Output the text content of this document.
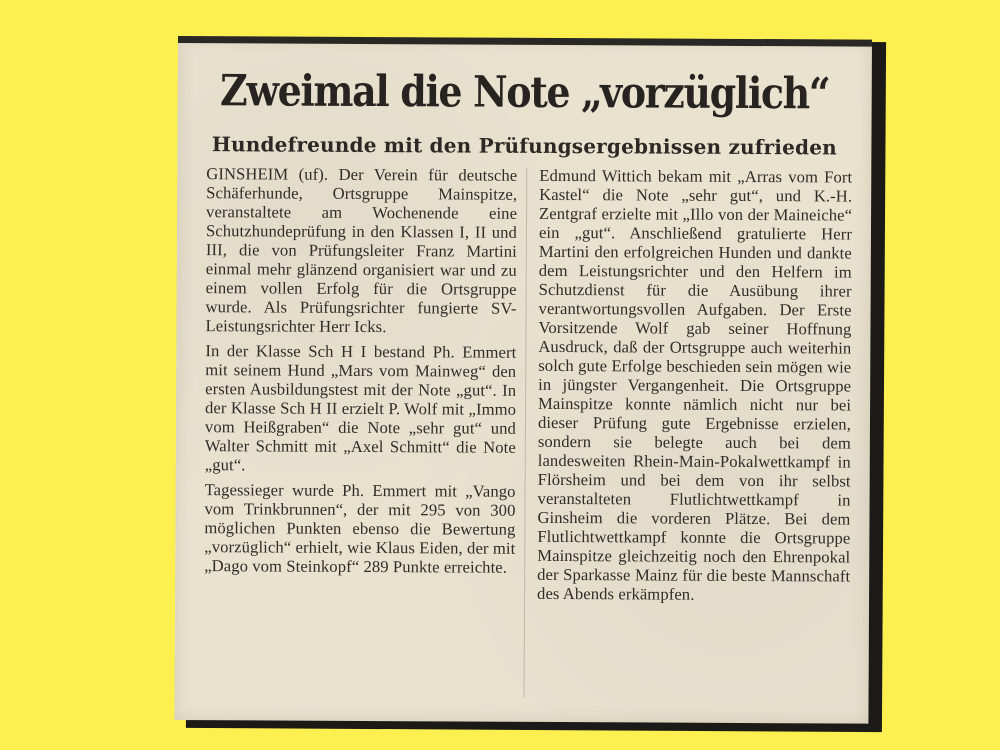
Zweimal die Note „vorzüglich“
Hundefreunde mit den Prüfungsergebnissen zufrieden

GINSHEIM (uf). Der Verein für deutsche Schäferhunde, Ortsgruppe Mainspitze, veranstaltete am Wochenende eine Schutzhundeprüfung in den Klassen I, II und III, die von Prüfungsleiter Franz Martini einmal mehr glänzend organisiert war und zu einem vollen Erfolg für die Ortsgruppe wurde. Als Prüfungsrichter fungierte SV-Leistungsrichter Herr Icks.

In der Klasse Sch H I bestand Ph. Emmert mit seinem Hund „Mars vom Mainweg“ den ersten Ausbildungstest mit der Note „gut“. In der Klasse Sch H II erzielt P. Wolf mit „Immo vom Heißgraben“ die Note „sehr gut“ und Walter Schmitt mit „Axel Schmitt“ die Note „gut“.

Tagessieger wurde Ph. Emmert mit „Vango vom Trinkbrunnen“, der mit 295 von 300 möglichen Punkten ebenso die Bewertung „vorzüglich“ erhielt, wie Klaus Eiden, der mit „Dago vom Steinkopf“ 289 Punkte erreichte.

Edmund Wittich bekam mit „Arras vom Fort Kastel“ die Note „sehr gut“, und K.-H. Zentgraf erzielte mit „Illo von der Maineiche“ ein „gut“. Anschließend gratulierte Herr Martini den erfolgreichen Hunden und dankte dem Leistungsrichter und den Helfern im Schutzdienst für die Ausübung ihrer verantwortungsvollen Aufgaben. Der Erste Vorsitzende Wolf gab seiner Hoffnung Ausdruck, daß der Ortsgruppe auch weiterhin solch gute Erfolge beschieden sein mögen wie in jüngster Vergangenheit. Die Ortsgruppe Mainspitze konnte nämlich nicht nur bei dieser Prüfung gute Ergebnisse erzielen, sondern sie belegte auch bei dem landesweiten Rhein-Main-Pokalwettkampf in Flörsheim und bei dem von ihr selbst veranstalteten Flutlichtwettkampf in Ginsheim die vorderen Plätze. Bei dem Flutlichtwettkampf konnte die Ortsgruppe Mainspitze gleichzeitig noch den Ehrenpokal der Sparkasse Mainz für die beste Mannschaft des Abends erkämpfen.
